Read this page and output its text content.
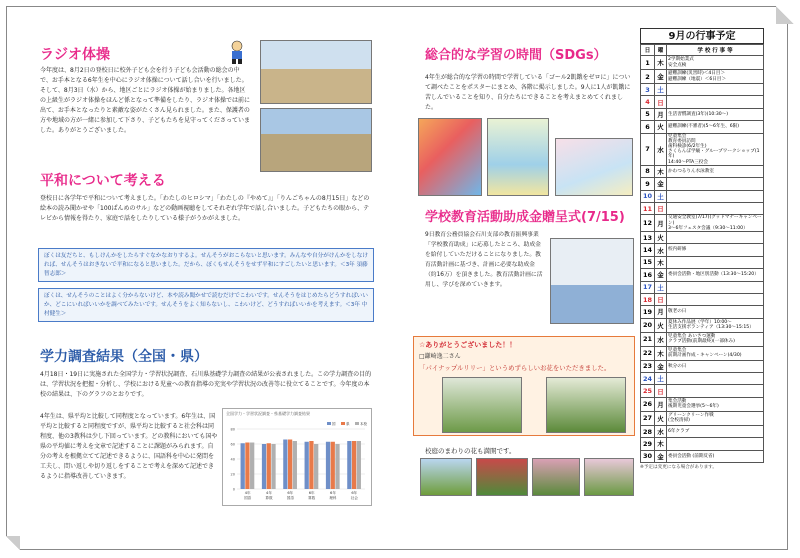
ラジオ体操
今年度は、8月2日の登校日に校外子ども会を行う子ども会活動の総会の中で、お手本となる6年生を中心にラジオ体操について話し合いを行いました。そして、8月3日（水）から、地区ごとにラジオ体操が始まりました。各地区の上級生がラジオ体操をほんど係となって準備をしたり、ラジオ体操では前に出て、お手本となったりと素敵な姿がたくさん見られました。また、保護者の方や地域の方が一緒に参加して下さり、子どもたちを見守ってくださっていました。ありがとうございました。
平和について考える
登校日に各学年で平和について考えました。「わたしのヒロシマ」「わたしの『やめて』」「りんごちゃんの8月15日」などの絵本の読み聞かせや「100ぱんめのサル」などの動画視聴をしてそれぞれ学年で話し合いました。子どもたちの眼から、テレビから情報を得たり、家庭で話をしたりしている様子がうかがえました。
ぼくは友だちと、もしけんかをしたらすぐなかなおりするよ。せんそうがおこらないと思います。みんなや自分がけんかをしなければ、せんそうはおきないで平和になると思いました。だから、ぼくもせんそうをせず平和にすごしたいと思います。＜3年 須藤智志郎＞
ぼくは、せんそうのことはよく分からないけど、本や読み聞かせで読むだけでこわいです。せんそうをはじめたらどうすればいいか、どこにいればいいかを調べてみたいです。せんそうをよく知らないし、こわいけど、どうすればいいかを考えます。＜3年 中村健生＞
学力調査結果（全国・県）
4月18日・19日に実施された全国学力・学習状況調査、石川県基礎学力調査の結果が公表されました。この学力調査の目的は、学習状況を把握・分析し、学校における児童への教育指導の充実や学習状況の改善等に役立てることです。今年度の本校の結果は、下のグラフのとおりです。
4年生は、県平均と比較して同程度となっています。6年生は、国平均と比較すると同程度ですが、県平均と比較すると社会科は同程度、他の3教科は少し下回っています。どの教科においても国や県の平均値に考えを文章で記述することに課題がみられます。自分の考えを根拠立てて記述できるように、国語科を中心に発問を工夫し、問い返しや切り返しをすることで考えを深めて記述できるように指導改善していきます。
全国学力・学習状況調査・県基礎学力調査結果
0
20
40
60
80
国	県	本校
4年
国語
4年
算数
6年
国語
6年
算数
6年
理科
6年
社会
総合的な学習の時間（SDGs）
4年生が総合的な学習の時間で学習している「ゴール2飢餓をゼロに」について調べたことをポスターにまとめ、各階に掲示しました。9人に1人が飢餓に苦しんでいることを知り、自分たちにできることを考えまとめてくれました。
学校教育活動助成金贈呈式(7/15)
9日教育公務員協会石川支部の教育振興事業「学校教育助成」に応募したところ、助成金を給付していただけることになりました。教育活動計画に基づき、計画に必要な助成金（約16万）を頂きました。教育活動計画に活用し、学びを深めていきます。
☆ありがとうございました！！
□鎌崎逸二さん
「パイナップルリリー」というめずらしいお花をいただきました。
校庭のまわりの花も満開です。
9月の行事予定
日	曜	学 校 行 事 等
1	木	2学期始業式
安全点検
2	金	避難訓練(災害時)＜4日目＞
避難訓練（地震）＜6日目＞
3	土	
4	日	
5	月	生活習慣調査(3年)(10:30〜)
6	火	避難訓練(不審者)(5〜6年生、6限)
7	水	児童集会
教育委員訪問
歯科検診(6/2年生)
さくらんぼ学級・グループワークショップ(1年)
14:40〜PTA三役会
8	木	かわつるりん水泳教室
9	金	
10	土	
11	日	
12	月	交通安全教室(7/17)(グッドマナーキャンペーン)
3〜6年フェスタ会議（9:30〜11:00）
13	火	
14	水	校内研修
15	木	
16	金	委員会活動・地区別活動（13:30〜15:20）
17	土	
18	日	
19	月	敬老の日
20	火	夏休み作品展（学年）10:00〜
生活支援ボランティア（13:30〜15:15）
21	水	児童集会 あいさつ運動
クラブ活動(前期最終)(一部休み)
22	木	児童集会
前期計画作成・キャンペーン(4/30)
23	金	秋分の日
24	土	
25	日	
26	月	集会活動
後期児童会選挙(5〜6年)
27	火	グリーンクリーン作戦
(全校清掃)
28	水	6年クラブ
29	木	
30	金	委員会活動 (前期反省)
※予定は変更になる場合があります。
